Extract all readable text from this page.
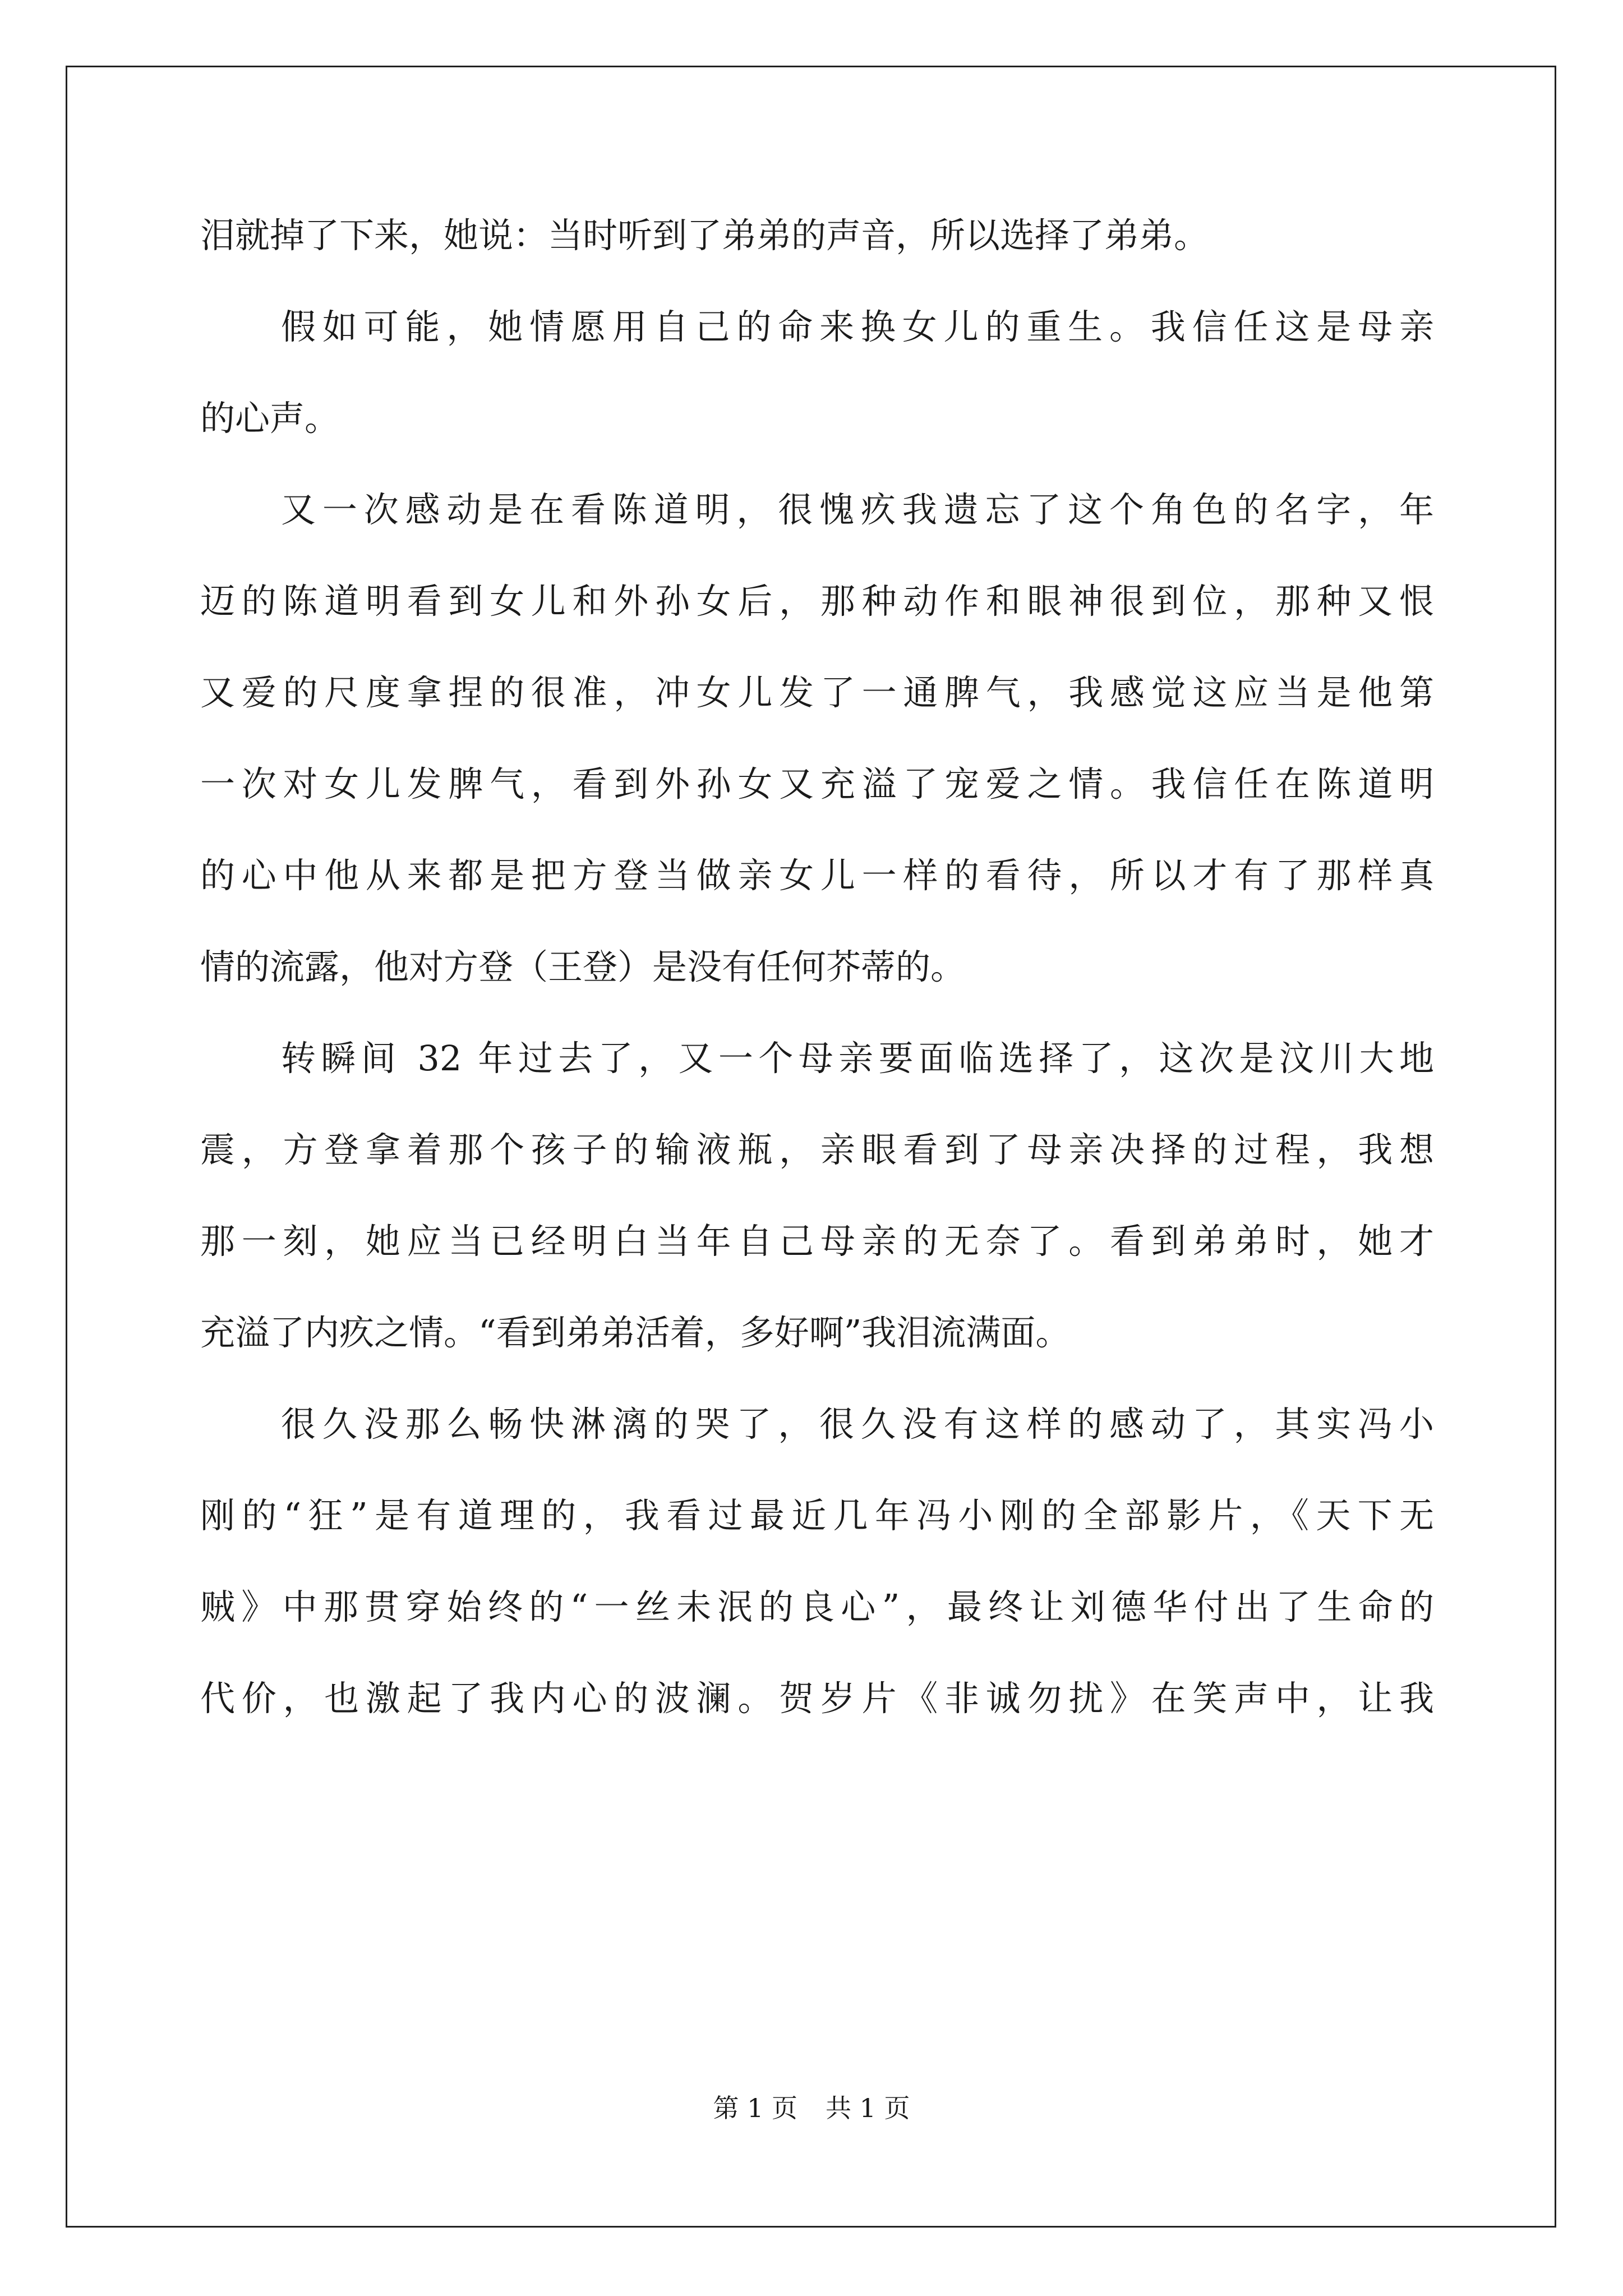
泪就掉了下来，她说：当时听到了弟弟的声音，所以选择了弟弟。
假如可能，她情愿用自己的命来换女儿的重生。我信任这是母亲
的心声。
又一次感动是在看陈道明，很愧疚我遗忘了这个角色的名字，年
迈的陈道明看到女儿和外孙女后，那种动作和眼神很到位，那种又恨
又爱的尺度拿捏的很准，冲女儿发了一通脾气，我感觉这应当是他第
一次对女儿发脾气，看到外孙女又充溢了宠爱之情。我信任在陈道明
的心中他从来都是把方登当做亲女儿一样的看待，所以才有了那样真
情的流露，他对方登（王登）是没有任何芥蒂的。
转瞬间 32 年过去了，又一个母亲要面临选择了，这次是汶川大地
震，方登拿着那个孩子的输液瓶，亲眼看到了母亲决择的过程，我想
那一刻，她应当已经明白当年自己母亲的无奈了。看到弟弟时，她才
充溢了内疚之情。“看到弟弟活着，多好啊”我泪流满面。
很久没那么畅快淋漓的哭了，很久没有这样的感动了，其实冯小
刚的“狂”是有道理的，我看过最近几年冯小刚的全部影片，《天下无
贼》中那贯穿始终的“一丝未泯的良心”，最终让刘德华付出了生命的
代价，也激起了我内心的波澜。贺岁片《非诚勿扰》在笑声中，让我
第 1 页 共 1 页
